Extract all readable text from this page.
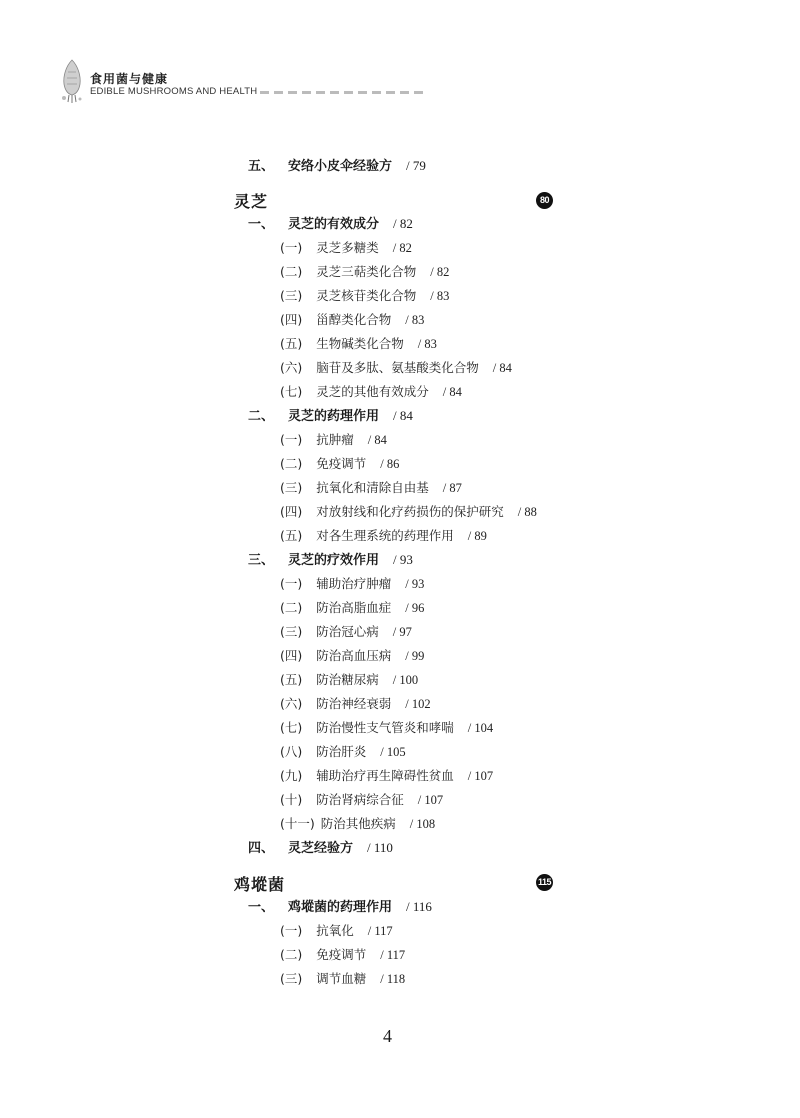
食用菌与健康
EDIBLE MUSHROOMS AND HEALTH
五、 安络小皮伞经验方 / 79
灵芝	80
一、 灵芝的有效成分 / 82
(一) 灵芝多糖类 / 82
(二) 灵芝三萜类化合物 / 82
(三) 灵芝核苷类化合物 / 83
(四) 甾醇类化合物 / 83
(五) 生物碱类化合物 / 83
(六) 脑苷及多肽、氨基酸类化合物 / 84
(七) 灵芝的其他有效成分 / 84
二、 灵芝的药理作用 / 84
(一) 抗肿瘤 / 84
(二) 免疫调节 / 86
(三) 抗氧化和清除自由基 / 87
(四) 对放射线和化疗药损伤的保护研究 / 88
(五) 对各生理系统的药理作用 / 89
三、 灵芝的疗效作用 / 93
(一) 辅助治疗肿瘤 / 93
(二) 防治高脂血症 / 96
(三) 防治冠心病 / 97
(四) 防治高血压病 / 99
(五) 防治糖尿病 / 100
(六) 防治神经衰弱 / 102
(七) 防治慢性支气管炎和哮喘 / 104
(八) 防治肝炎 / 105
(九) 辅助治疗再生障碍性贫血 / 107
(十) 防治肾病综合征 / 107
(十一) 防治其他疾病 / 108
四、 灵芝经验方 / 110
鸡㙡菌	115
一、 鸡㙡菌的药理作用 / 116
(一) 抗氧化 / 117
(二) 免疫调节 / 117
(三) 调节血糖 / 118
4
